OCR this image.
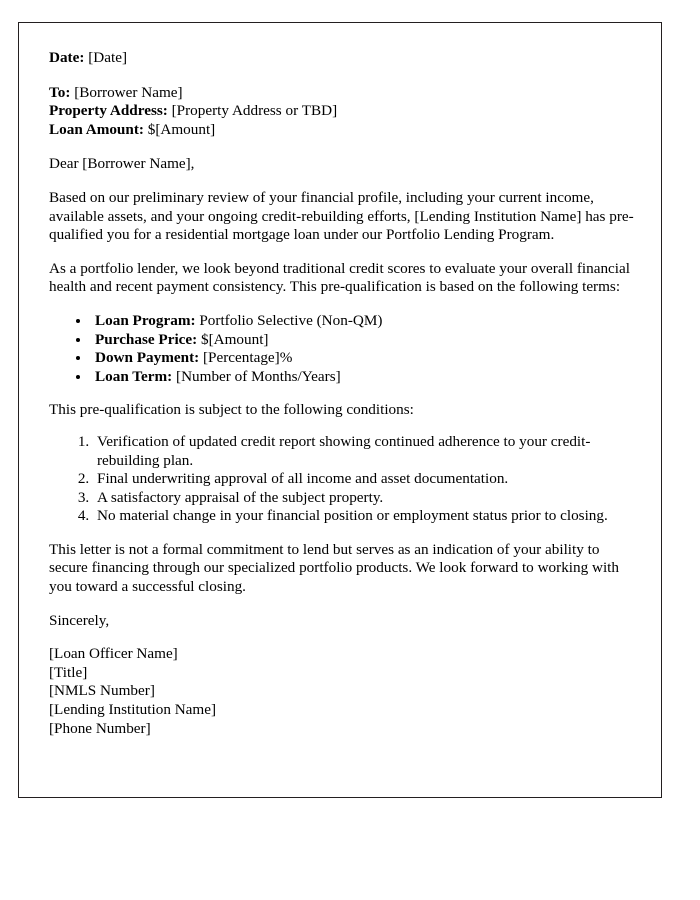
Date: [Date]
To: [Borrower Name]
Property Address: [Property Address or TBD]
Loan Amount: $[Amount]

Dear [Borrower Name],

Based on our preliminary review of your financial profile, including your current income, available assets, and your ongoing credit-rebuilding efforts, [Lending Institution Name] has pre-qualified you for a residential mortgage loan under our Portfolio Lending Program.

As a portfolio lender, we look beyond traditional credit scores to evaluate your overall financial health and recent payment consistency. This pre-qualification is based on the following terms:

• Loan Program: Portfolio Selective (Non-QM)
• Purchase Price: $[Amount]
• Down Payment: [Percentage]%
• Loan Term: [Number of Months/Years]

This pre-qualification is subject to the following conditions:

1. Verification of updated credit report showing continued adherence to your credit-rebuilding plan.
2. Final underwriting approval of all income and asset documentation.
3. A satisfactory appraisal of the subject property.
4. No material change in your financial position or employment status prior to closing.

This letter is not a formal commitment to lend but serves as an indication of your ability to secure financing through our specialized portfolio products. We look forward to working with you toward a successful closing.

Sincerely,

[Loan Officer Name]
[Title]
[NMLS Number]
[Lending Institution Name]
[Phone Number]
